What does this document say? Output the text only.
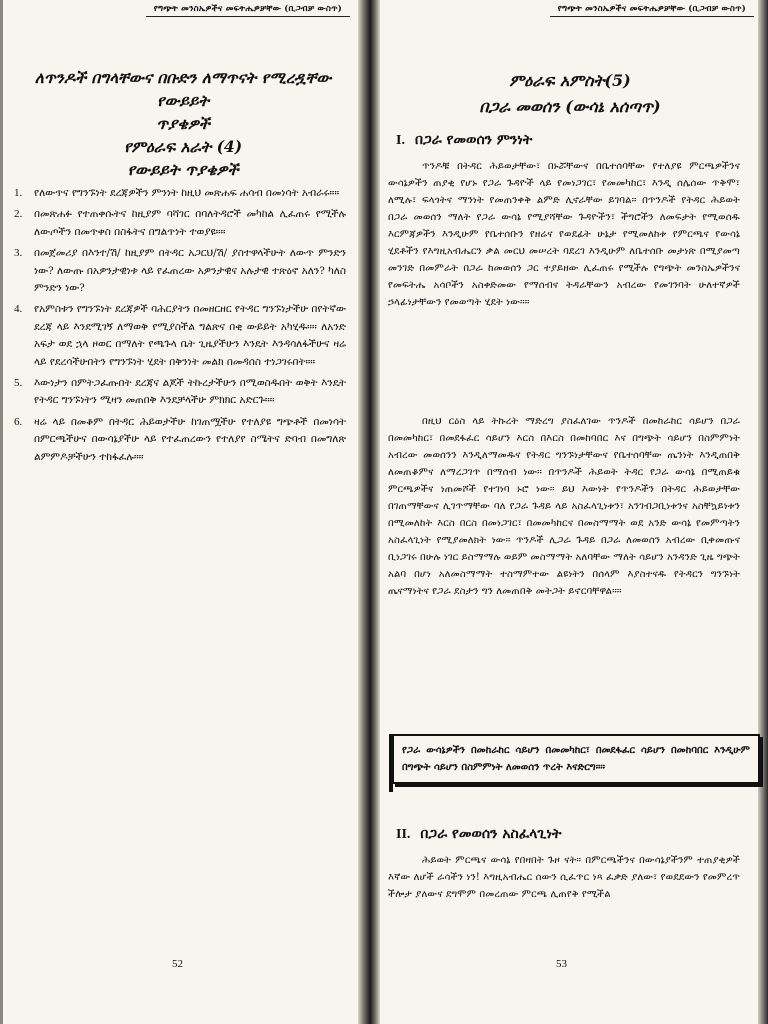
የግጭት መንስኤዎችና መፍትሔዎቻቸው (ቢጋብቻ ውስጥ)
ለጥንዶች በግላቸውና በቡድን ለማጥናት የሚረዷቸው የውይይት
ጥያቄዎች
የምዕራፍ አራት (4)
የውይይት ጥያቄዎች
1. የለውጥና የግንኙነት ደረጃዎችን ምንነት ከዚህ መጽሐፍ ሐሳብ በመነሳት አብራሩ።።
2. በመጽሐፉ የተጠቀሱትና ከዚያም ባሻገር በባለትዳሮች መካከል ሊፈጠሩ የሚችሉ ለውጦችን በመጥቀስ በስፋትና በግልጥነት ተወያዩ።።
3. በመጀመሪያ በእንተ/ሽ/ ከዚያም በትዳር አጋርህ/ሽ/ ያስተዋላችሁት ለውጥ ምንድን ነው? ለውጡ በአዎንታዊነቱ ላይ የፈጠረው አዎንታዊና አሉታዊ ተጽዕኖ አለን? ካለስ ምንድን ነው?
4. የአምስቱን የግንኙነት ደረጃዎች ባሕርያትን በመዘርዘር የትዳር ግንኙነታችሁ በየትኛው ደረጃ ላይ እንደሚገኝ ለማወቅ የሚያስችል ግልጽና በቂ ውይይት አካሂዱ።። ለአንድ አፍታ ወደ ኋላ ዞወር በማለት የጫጉላ ቤት ጊዜያችሁን እንዴት እንዳሳለፋችሁና ዛሬ ላይ የደረሳችሁበትን የግንኙነት ሂደት በቅንነት መልክ በመዳሰስ ተነጋገሩበት።።
5. እውነታን በምትጋፈጡበት ደረጃና ልጆች ትኩረታችሁን በሚወስዱበት ወቅት እንዴት የትዳር ግንኙነትን ሚዛን መጠበቅ እንደቻላችሁ ምክክር አድርጉ።።
6. ዛሬ ላይ በመቆም በትዳር ሕይወታችሁ ከገጠሟችሁ የተለያዩ ግጭቶች በመነሳት በምርጫችሁና በውሳኔያችሁ ላይ የተፈጠረውን የተለያየ ስሜትና ድባብ በመግለጽ ልምምዶቻችሁን ተከፋፈሉ።።
52
የግጭት መንስኤዎችና መፍትሔዎቻቸው (ቢጋብቻ ውስጥ)
ምዕራፍ አምስት(5)
በጋራ መወሰን (ውሳኔ አሰጣጥ)
I. በጋራ የመወሰን ምንነት

ጥንዶቹ በትዳር ሕይወታቸው፣ በኑሯቸውና በቤተሰባቸው የተለያዩ ምርጫዎችንና ውሳኔዎችን ጠያቂ የሆኑ የጋራ ጉዳዮች ላይ የመነጋገር፣ የመመካከር፣ እንዲ ሰሌሰው ጥቅሞ፣ ለሚሉ፣ ፍላጎትና ማንነት የመጠንቀቅ ልምድ ሊኖራቸው ይገባል። በጥንዶች የትዳር ሕይወት በጋራ መወሰን ማለት የጋራ ውሳኔ የሚያሻቸው ጉዳዮችን፣ ችግሮችን ለመፍታት የሚወሰዱ እርምጃዎችን እንዲሁም የቤተሰቡን የዘሬና የወደፊት ሁኔታ የሚመለከቱ የምርጫና የውሳኔ ሂደቶችን የእግዚአብሔርን ቃል መርህ መሠረት ባደረገ እንዲሁም ለቤተሰቡ መታነጽ በሚያመጣ መንገድ በመምራት በጋራ ከመወሰን ጋር ተያይዘው ሊፈጠሩ የሚችሉ የግጭት መንስኤዎችንና የመፍትሔ አሳቦችን አስቀድመው የማሰብና ትዳራቸውን አብረው የመገንባት ሁለተኛዎች ኃላፊነታቸውን የመወጣት ሂደት ነው።።

በዚህ ርዕስ ላይ ትኩረት ማድረግ ያስፈለገው ጥንዶች በመከራከር ሳይሆን በጋራ በመመካከር፣ በመደፋፈር ሳይሆን እርስ በእርስ በመከባበር እና በግጭት ሳይሆን በስምምነት አብረው መወሰንን እንዲለማመዱና የትዳር ግንኙነታቸውና የቤተሰባቸው ጤንነት እንዲጠበቅ ለመጠቆምና ለማረጋገጥ በማሰብ ነው። በጥንዶች ሕይወት ትዳር የጋራ ውሳኔ በሚጠይቁ ምርጫዎችና ነጠመሾች የተገነባ ኑሮ ነው። ይህ እውነት የጥንዶችን በትዳር ሕይወታቸው በገጠማቸውና ሊገጥማቸው ባለ የጋራ ጉዳይ ላይ አስፈላጊነቱን፣ አንገብጋቢነቱንና አስቸኳይነቱን በሚመለከት እርስ በርስ በመነጋገር፣ በመመካከርና በመስማማት ወደ አንድ ውሳኔ የመምጣትን አስፈላጊነት የሚያመለክት ነው። ጥንዶች ሊጋራ ጉዳይ በጋራ ለመወሰን አብረው ቢቀመጡና ቢነጋገሩ በሁሉ ነገር ይስማማሉ ወይም መስማማት አለባቸው ማለት ሳይሆን አንዳንድ ጊዜ ግጭት አልባ በሆነ አለመስማማት ተስማምተው ልዩነትን በሰላም እያስተናዱ የትዳርን ግንኙነት ጤናማነትና የጋራ ደስታን ግን ለመጠበቅ መትጋት ይኖርባቸዋል።።

የጋራ ውሳኔዎችን በመከራከር ሳይሆን በመመካከር፣ በመደፋፈር ሳይሆን በመከባበር እንዲሁም በግጭት ሳይሆን በስምምነት ለመወሰን ጥረት እናድርግ።።
II. በጋራ የመወሰን አስፈላጊነት

ሕይወት ምርጫና ውሳኔ የበዛበት ጉዞ ናት። በምርጫችንና በውሳኔያችንም ተጠያቂዎች እኛው ለሆች ራሳችን ነን! እግዚአብሔር ሰውን ሲፈጥር ነጻ ፈቃድ ያለው፣ የወደደውን የመምረጥ ችሎታ ያለውና ደግሞም በመረጠው ምርጫ ሊጠየቅ የሚችል

53
